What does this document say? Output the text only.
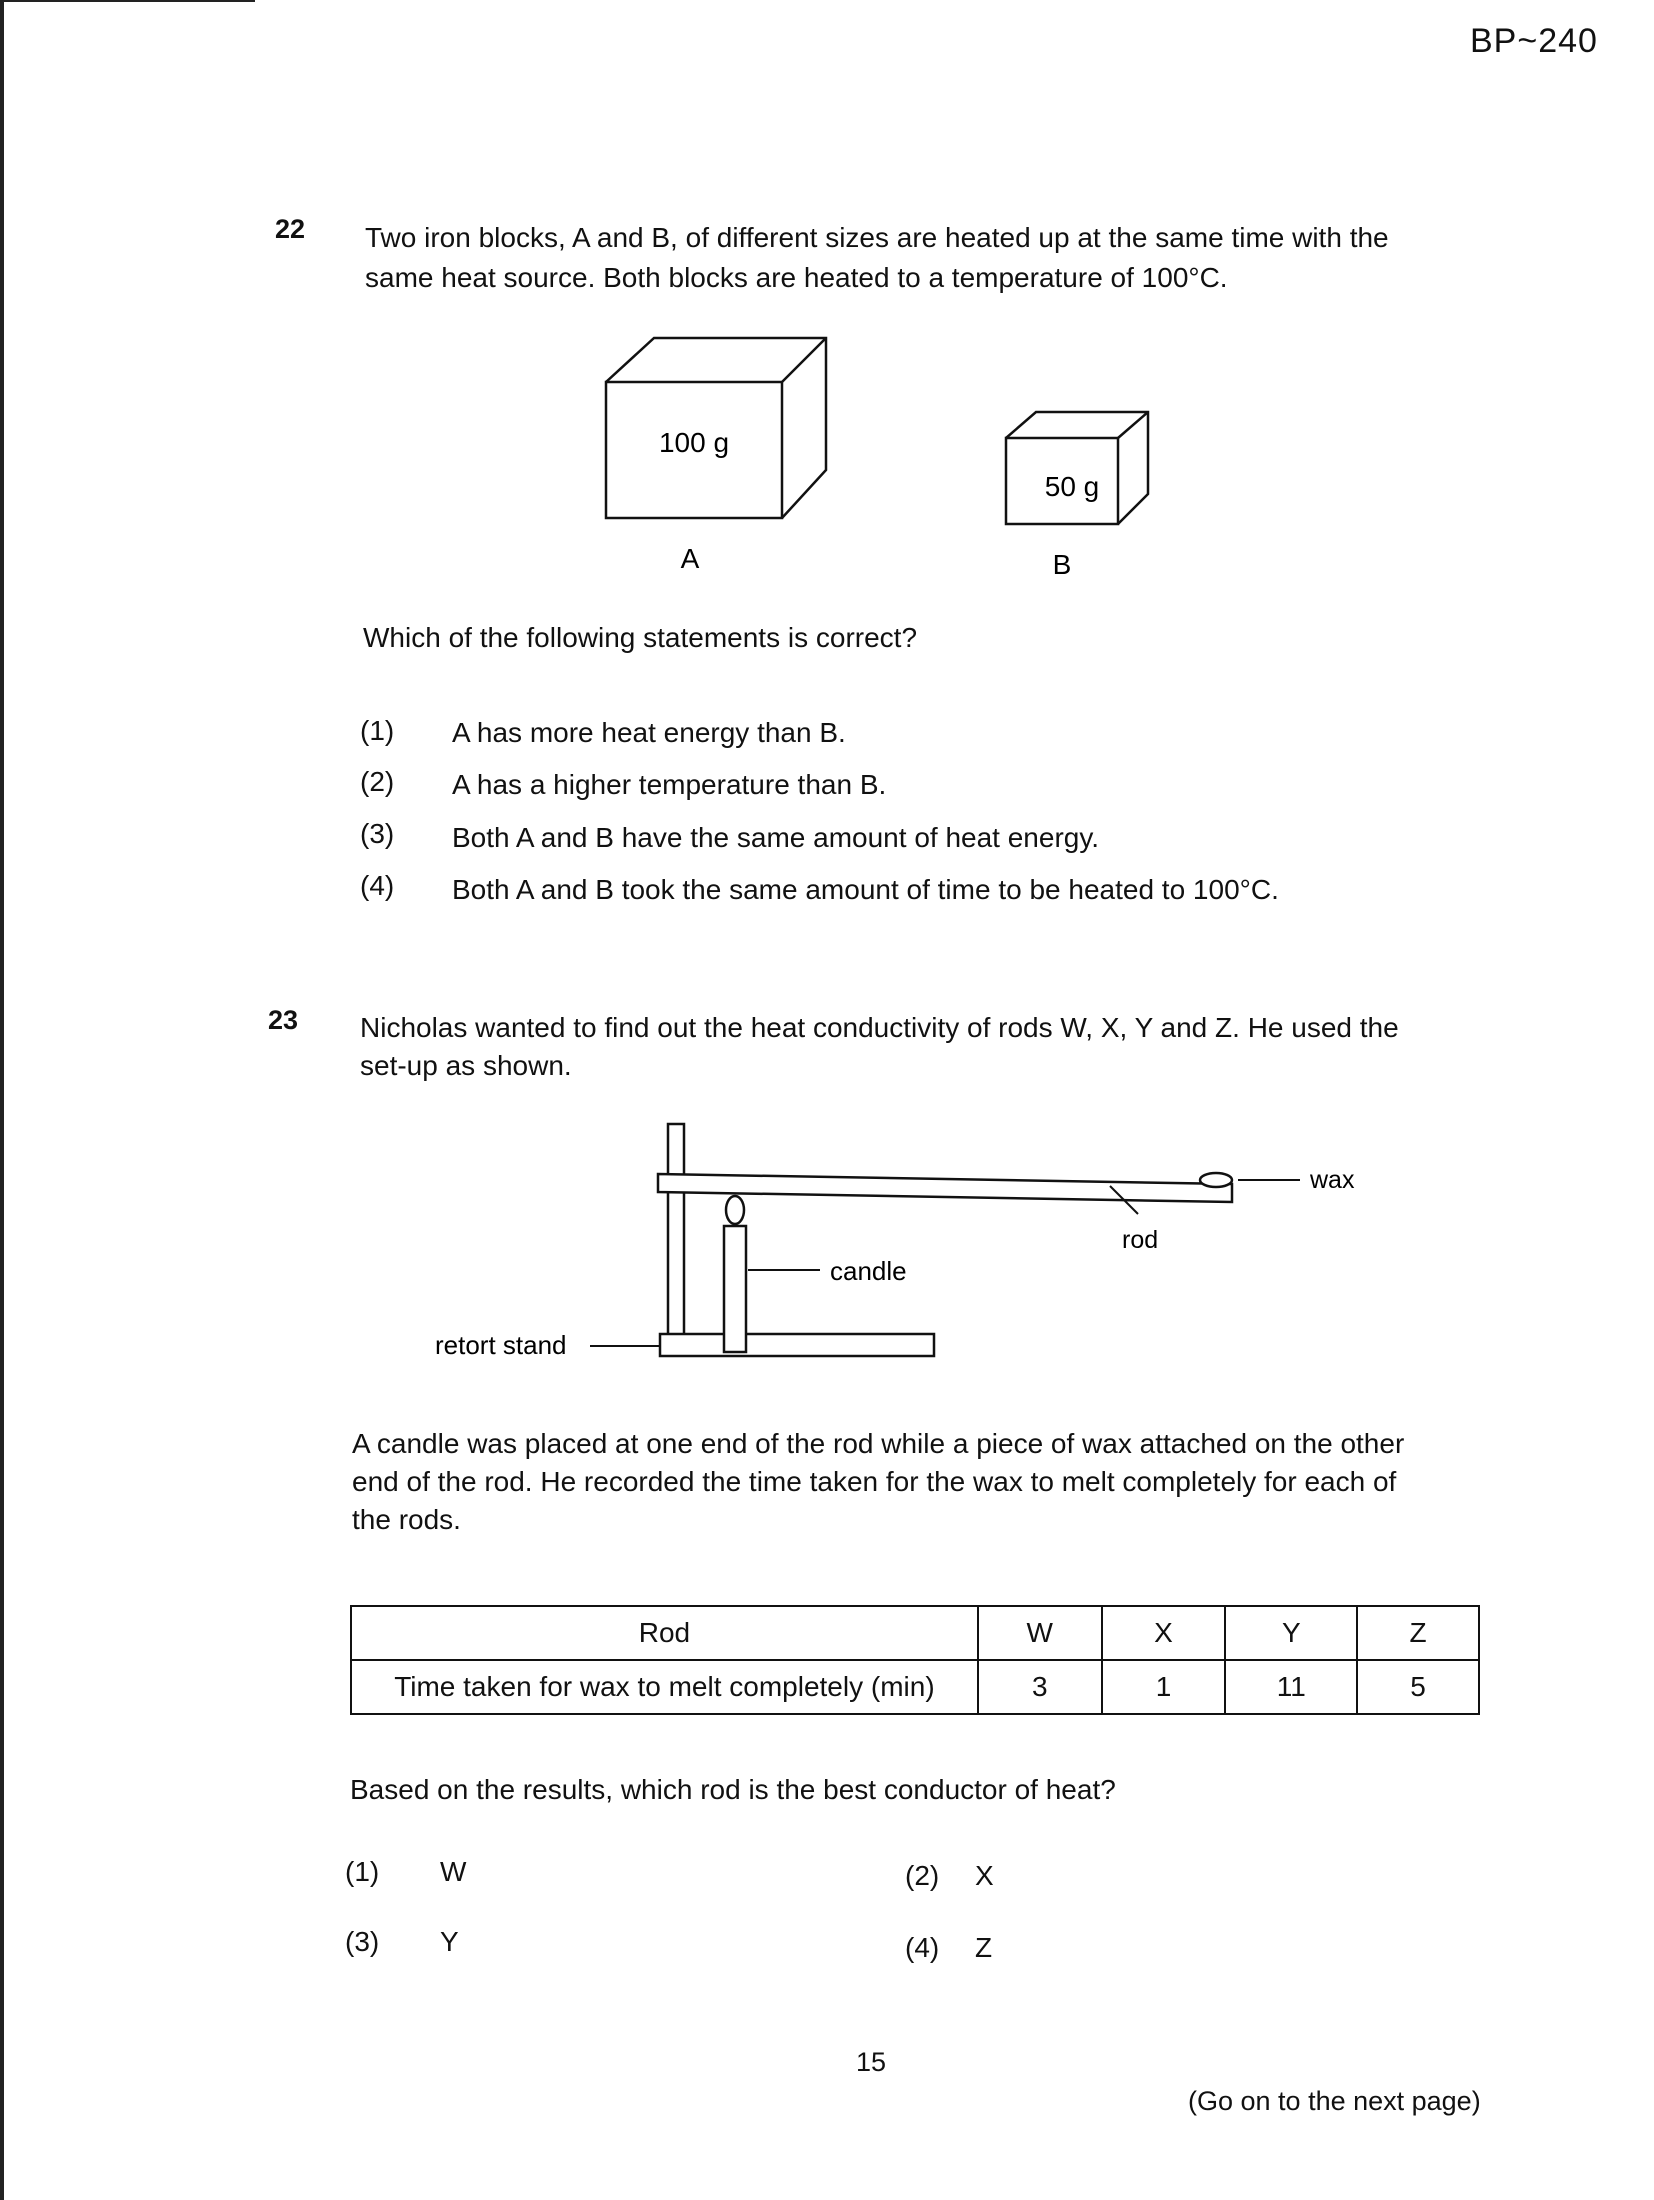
BP~240
22 Two iron blocks, A and B, of different sizes are heated up at the same time with the
same heat source. Both blocks are heated to a temperature of 100°C.
100 g
A
50 g
B
Which of the following statements is correct?
(1) A has more heat energy than B.
(2) A has a higher temperature than B.
(3) Both A and B have the same amount of heat energy.
(4) Both A and B took the same amount of time to be heated to 100°C.
23 Nicholas wanted to find out the heat conductivity of rods W, X, Y and Z. He used the
set-up as shown.
wax
rod
candle
retort stand
A candle was placed at one end of the rod while a piece of wax attached on the other
end of the rod. He recorded the time taken for the wax to melt completely for each of
the rods.
Rod	W	X	Y	Z
Time taken for wax to melt completely (min)	3	1	11	5
Based on the results, which rod is the best conductor of heat?
(1) W	(2) X
(3) Y	(4) Z
15
(Go on to the next page)
